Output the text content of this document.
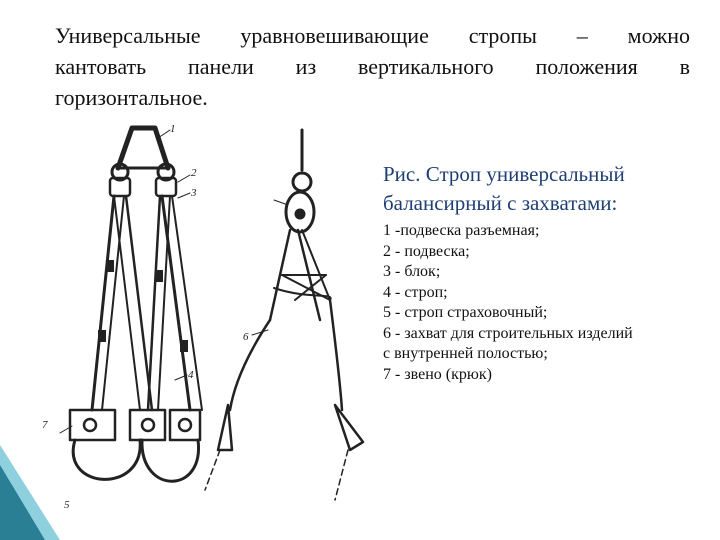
Универсальные уравновешивающие стропы – можно
кантовать панели из вертикального положения в
горизонтальное.
1
2
3
4
5
6
7
Рис. Строп универсальный
балансирный с захватами:
1 -подвеска разъемная;
2 - подвеска;
3 - блок;
4 - строп;
5 - строп страховочный;
6 - захват для строительных изделий
с внутренней полостью;
7 - звено (крюк)
